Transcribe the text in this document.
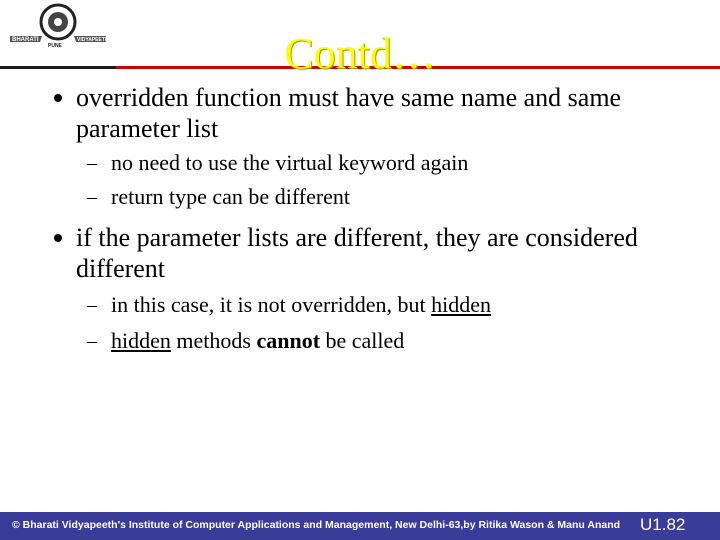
BHARATI	VIDYAPEETH
PUNE	Contd…
overridden function must have same name and same parameter list
– no need to use the virtual keyword again
– return type can be different
if the parameter lists are different, they are considered different
– in this case, it is not overridden, but hidden
– hidden methods cannot be called
© Bharati Vidyapeeth's Institute of Computer Applications and Management, New Delhi-63,by Ritika Wason & Manu Anand U1.82
